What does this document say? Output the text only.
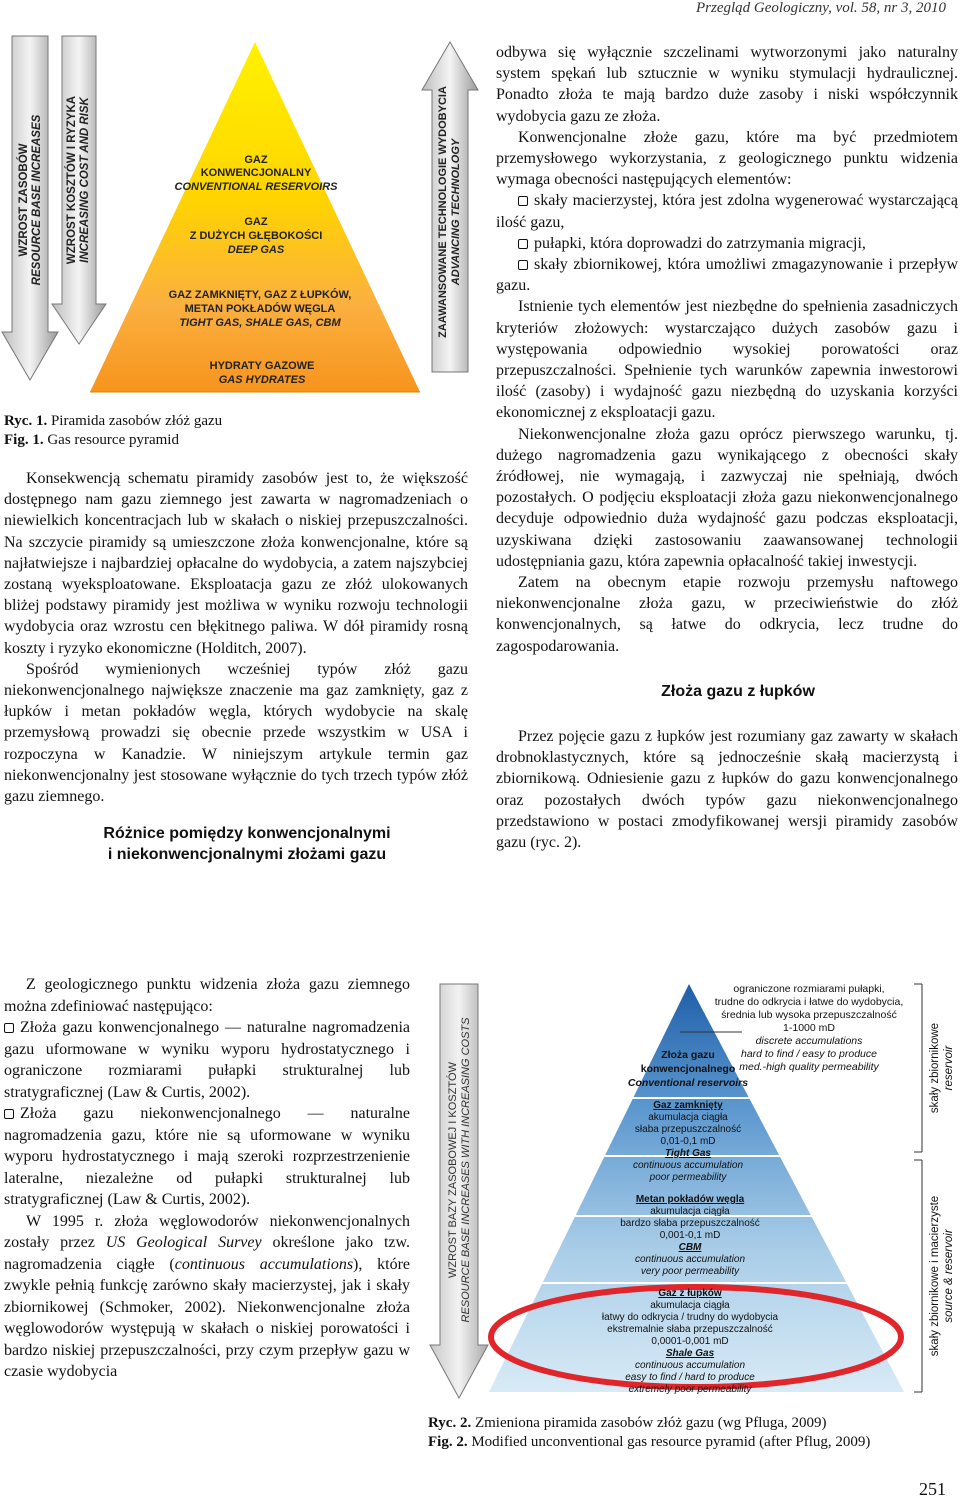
Przegląd Geologiczny, vol. 58, nr 3, 2010
WZROST ZASOBÓW RESOURCE BASE INCREASES WZROST KOSZTÓW I RYZYKA INCREASING COST AND RISK	ZAAWANSOWANE TECHNOLOGIE WYDOBYCIA ADVANCING TECHNOLOGY
GAZ
KONWENCJONALNY
CONVENTIONAL RESERVOIRS
GAZ
Z DUŻYCH GŁĘBOKOŚCI
DEEP GAS
GAZ ZAMKNIĘTY, GAZ Z ŁUPKÓW,
METAN POKŁADÓW WĘGLA
TIGHT GAS, SHALE GAS, CBM
HYDRATY GAZOWE
GAS HYDRATES
Ryc. 1. Piramida zasobów złóż gazu
Fig. 1. Gas resource pyramid

Konsekwencją schematu piramidy zasobów jest to, że większość dostępnego nam gazu ziemnego jest zawarta w nagromadzeniach o niewielkich koncentracjach lub w skałach o niskiej przepuszczalności. Na szczycie piramidy są umieszczone złoża konwencjonalne, które są najłatwiejsze i najbardziej opłacalne do wydobycia, a zatem najszybciej zostaną wyeksploatowane. Eksploatacja gazu ze złóż ulokowanych bliżej podstawy piramidy jest możliwa w wyniku rozwoju technologii wydobycia oraz wzrostu cen błękitnego paliwa. W dół piramidy rosną koszty i ryzyko ekonomiczne (Holditch, 2007).

Spośród wymienionych wcześniej typów złóż gazu niekonwencjonalnego największe znaczenie ma gaz zamknięty, gaz z łupków i metan pokładów węgla, których wydobycie na skalę przemysłową prowadzi się obecnie przede wszystkim w USA i rozpoczyna w Kanadzie. W niniejszym artykule termin gaz niekonwencjonalny jest stosowane wyłącznie do tych trzech typów złóż gazu ziemnego.

Różnice pomiędzy konwencjonalnymi

i niekonwencjonalnymi złożami gazu

Z geologicznego punktu widzenia złoża gazu ziemnego można zdefiniować następująco:

Złoża gazu konwencjonalnego — naturalne nagromadzenia gazu uformowane w wyniku wyporu hydrostatycznego i ograniczone rozmiarami pułapki strukturalnej lub stratygraficznej (Law & Curtis, 2002).

Złoża gazu niekonwencjonalnego — naturalne nagromadzenia gazu, które nie są uformowane w wyniku wyporu hydrostatycznego i mają szeroki rozprzestrzenienie lateralne, niezależne od pułapki strukturalnej lub stratygraficznej (Law & Curtis, 2002).

W 1995 r. złoża węglowodorów niekonwencjonalnych zostały przez US Geological Survey określone jako tzw. nagromadzenia ciągłe (continuous accumulations), które zwykle pełnią funkcję zarówno skały macierzystej, jak i skały zbiornikowej (Schmoker, 2002). Niekonwencjonalne złoża węglowodorów występują w skałach o niskiej porowatości i bardzo niskiej przepuszczalności, przy czym przepływ gazu w czasie wydobycia

odbywa się wyłącznie szczelinami wytworzonymi jako naturalny system spękań lub sztucznie w wyniku stymulacji hydraulicznej. Ponadto złoża te mają bardzo duże zasoby i niski współczynnik wydobycia gazu ze złoża.

Konwencjonalne złoże gazu, które ma być przedmiotem przemysłowego wykorzystania, z geologicznego punktu widzenia wymaga obecności następujących elementów:

skały macierzystej, która jest zdolna wygenerować wystarczającą ilość gazu,

pułapki, która doprowadzi do zatrzymania migracji,

skały zbiornikowej, która umożliwi zmagazynowanie i przepływ gazu.

Istnienie tych elementów jest niezbędne do spełnienia zasadniczych kryteriów złożowych: wystarczająco dużych zasobów gazu i występowania odpowiednio wysokiej porowatości oraz przepuszczalności. Spełnienie tych warunków zapewnia inwestorowi ilość (zasoby) i wydajność gazu niezbędną do uzyskania korzyści ekonomicznej z eksploatacji gazu.

Niekonwencjonalne złoża gazu oprócz pierwszego warunku, tj. dużego nagromadzenia gazu wynikającego z obecności skały źródłowej, nie wymagają, i zazwyczaj nie spełniają, dwóch pozostałych. O podjęciu eksploatacji złoża gazu niekonwencjonalnego decyduje odpowiednio duża wydajność gazu podczas eksploatacji, uzyskiwana dzięki zastosowaniu zaawansowanej technologii udostępniania gazu, która zapewnia opłacalność takiej inwestycji.

Zatem na obecnym etapie rozwoju przemysłu naftowego niekonwencjonalne złoża gazu, w przeciwieństwie do złóż konwencjonalnych, są łatwe do odkrycia, lecz trudne do zagospodarowania.

Złoża gazu z łupków

Przez pojęcie gazu z łupków jest rozumiany gaz zawarty w skałach drobnoklastycznych, które są jednocześnie skałą macierzystą i zbiornikową. Odniesienie gazu z łupków do gazu konwencjonalnego oraz pozostałych dwóch typów gazu niekonwencjonalnego przedstawiono w postaci zmodyfikowanej wersji piramidy zasobów gazu (ryc. 2).

WZROST BAZY ZASOBOWEJ I KOSZTÓW RESOURCE BASE INCREASES WITH INCREASING COSTS
ograniczone rozmiarami pułapki,
trudne do odkrycia i łatwe do wydobycia,
średnia lub wysoka przepuszczalność
1-1000 mD
discrete accumulations
hard to find / easy to produce
med.-high quality permeability
Złoża gazu
konwencjonalnego
Conventional reservoirs
Gaz zamknięty
akumulacja ciągła
słaba przepuszczalność
0,01-0,1 mD
Tight Gas
continuous accumulation
poor permeability
Metan pokładów węgla
akumulacja ciągła
bardzo słaba przepuszczalność
0,001-0,1 mD
CBM
continuous accumulation
very poor permeability
Gaz z łupków
akumulacja ciągła
łatwy do odkrycia / trudny do wydobycia
ekstremalnie słaba przepuszczalność
0,0001-0,001 mD
Shale Gas
continuous accumulation
easy to find / hard to produce
extremely poor permeability
skały zbiornikowe reservoir
skały zbiornikowe i macierzyste source & reservoir
Ryc. 2. Zmieniona piramida zasobów złóż gazu (wg Pfluga, 2009)
Fig. 2. Modified unconventional gas resource pyramid (after Pflug, 2009)
251
